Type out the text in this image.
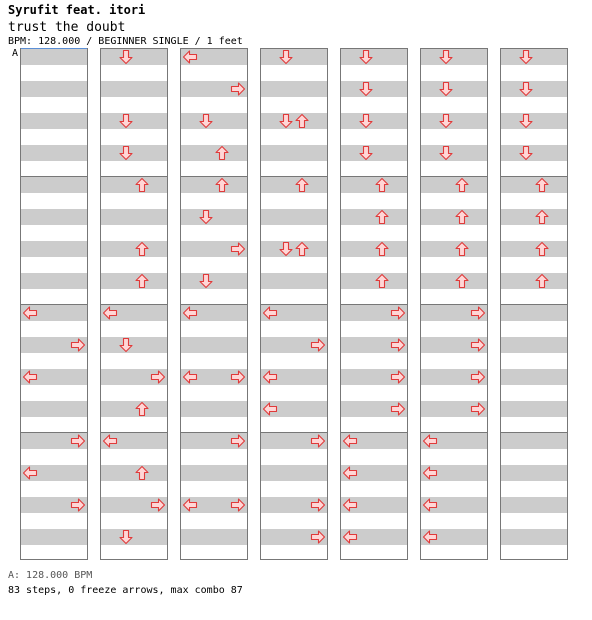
Syrufit feat. itori
trust the doubt
BPM: 128.000 / BEGINNER SINGLE / 1 feet
A
A: 128.000 BPM
83 steps, 0 freeze arrows, max combo 87
